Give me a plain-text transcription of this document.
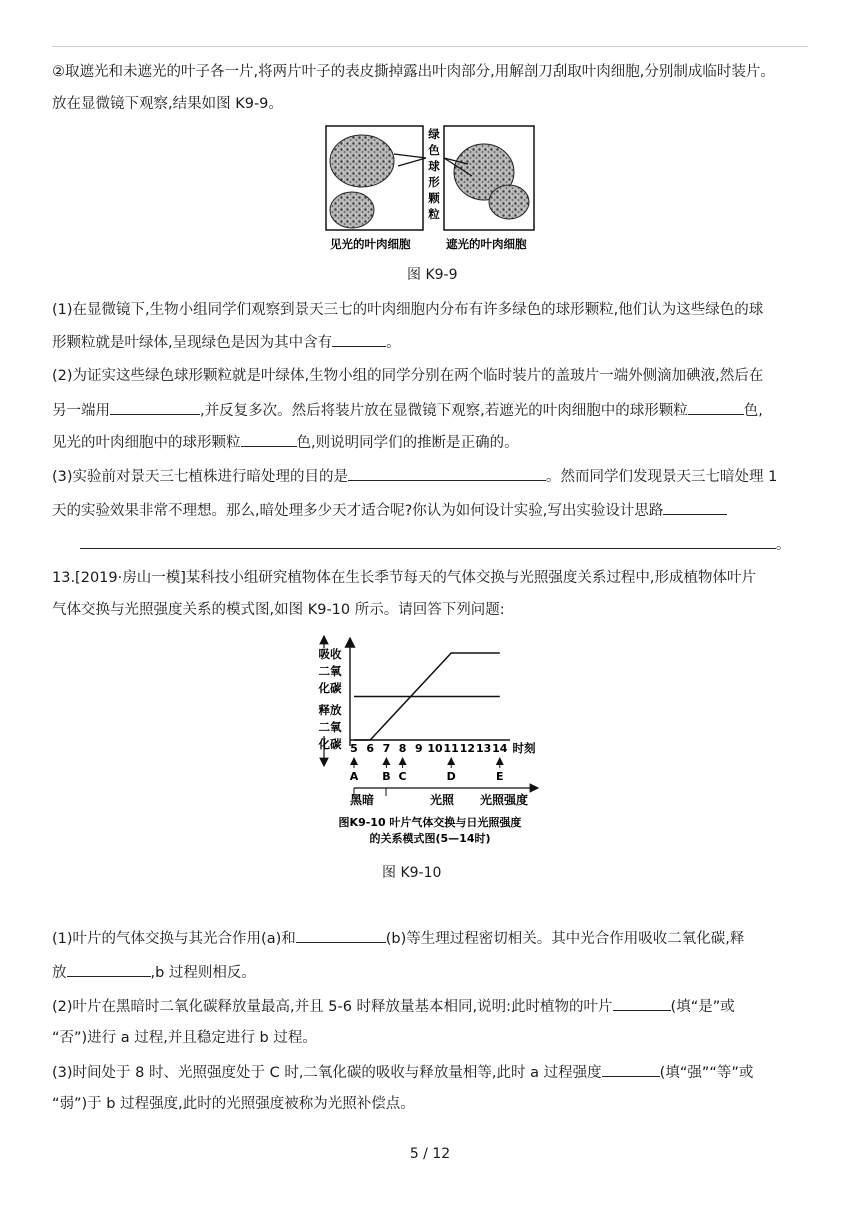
②取遮光和未遮光的叶子各一片,将两片叶子的表皮撕掉露出叶肉部分,用解剖刀刮取叶肉细胞,分别制成临时装片。
放在显微镜下观察,结果如图 K9-9。
绿色球形颗粒
见光的叶肉细胞	遮光的叶肉细胞
图 K9-9
(1)在显微镜下,生物小组同学们观察到景天三七的叶肉细胞内分布有许多绿色的球形颗粒,他们认为这些绿色的球
形颗粒就是叶绿体,呈现绿色是因为其中含有	。
(2)为证实这些绿色球形颗粒就是叶绿体,生物小组的同学分别在两个临时装片的盖玻片一端外侧滴加碘液,然后在
另一端用	,并反复多次。然后将装片放在显微镜下观察,若遮光的叶肉细胞中的球形颗粒	色,
见光的叶肉细胞中的球形颗粒	色,则说明同学们的推断是正确的。
(3)实验前对景天三七植株进行暗处理的目的是	。然而同学们发现景天三七暗处理 1
天的实验效果非常不理想。那么,暗处理多少天才适合呢?你认为如何设计实验,写出实验设计思路
。
13.[2019·房山一模]某科技小组研究植物体在生长季节每天的气体交换与光照强度关系过程中,形成植物体叶片
气体交换与光照强度关系的模式图,如图 K9-10 所示。请回答下列问题:
吸收二氧化碳
释放二氧化碳 5 6 7 8 9 10 11 12 13 14 时刻
A B C	D	E
黑暗	光照 光照强度
图K9-10 叶片气体交换与日光照强度
的关系模式图(5—14时)
图 K9-10
(1)叶片的气体交换与其光合作用(a)和	(b)等生理过程密切相关。其中光合作用吸收二氧化碳,释
放	,b 过程则相反。
(2)叶片在黑暗时二氧化碳释放量最高,并且 5-6 时释放量基本相同,说明:此时植物的叶片	(填“是”或
“否”)进行 a 过程,并且稳定进行 b 过程。
(3)时间处于 8 时、光照强度处于 C 时,二氧化碳的吸收与释放量相等,此时 a 过程强度	(填“强”“等”或
“弱”)于 b 过程强度,此时的光照强度被称为光照补偿点。
5 / 12
